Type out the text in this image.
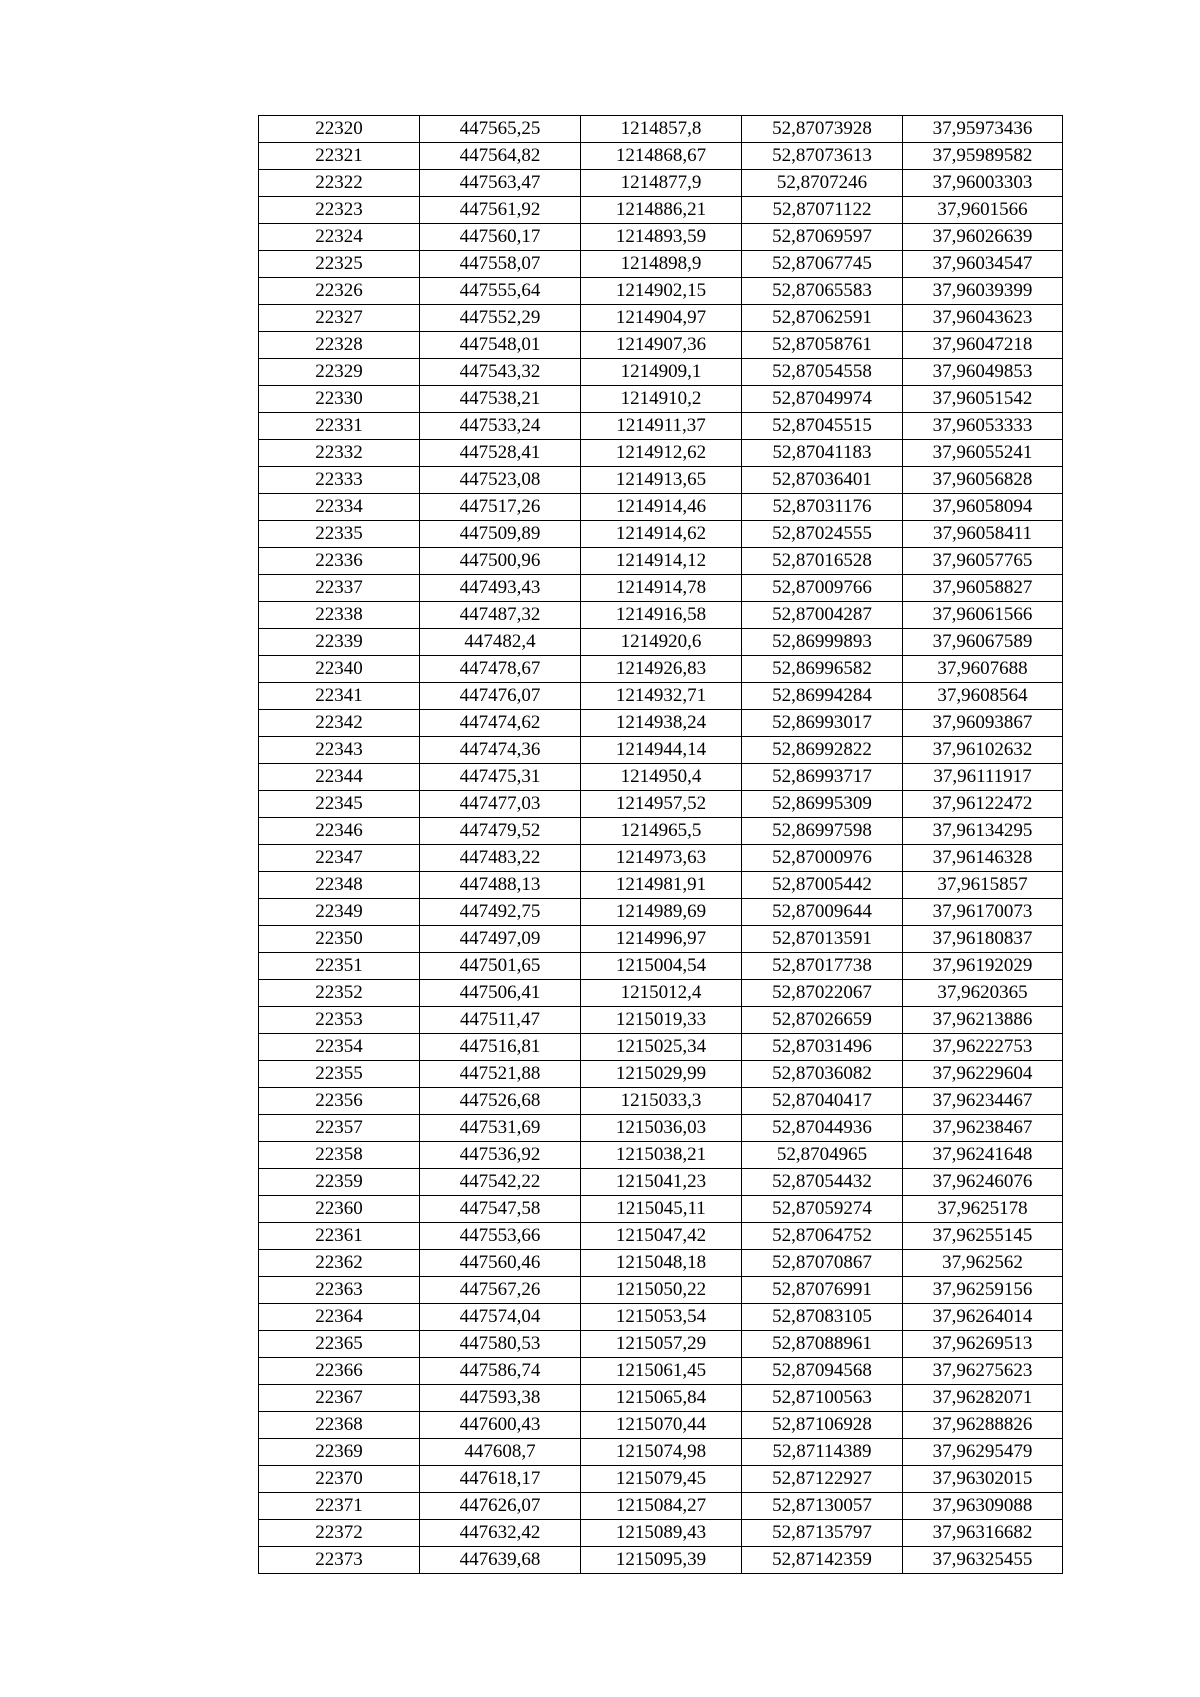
22320	447565,25	1214857,8	52,87073928	37,95973436
22321	447564,82	1214868,67	52,87073613	37,95989582
22322	447563,47	1214877,9	52,8707246	37,96003303
22323	447561,92	1214886,21	52,87071122	37,9601566
22324	447560,17	1214893,59	52,87069597	37,96026639
22325	447558,07	1214898,9	52,87067745	37,96034547
22326	447555,64	1214902,15	52,87065583	37,96039399
22327	447552,29	1214904,97	52,87062591	37,96043623
22328	447548,01	1214907,36	52,87058761	37,96047218
22329	447543,32	1214909,1	52,87054558	37,96049853
22330	447538,21	1214910,2	52,87049974	37,96051542
22331	447533,24	1214911,37	52,87045515	37,96053333
22332	447528,41	1214912,62	52,87041183	37,96055241
22333	447523,08	1214913,65	52,87036401	37,96056828
22334	447517,26	1214914,46	52,87031176	37,96058094
22335	447509,89	1214914,62	52,87024555	37,96058411
22336	447500,96	1214914,12	52,87016528	37,96057765
22337	447493,43	1214914,78	52,87009766	37,96058827
22338	447487,32	1214916,58	52,87004287	37,96061566
22339	447482,4	1214920,6	52,86999893	37,96067589
22340	447478,67	1214926,83	52,86996582	37,9607688
22341	447476,07	1214932,71	52,86994284	37,9608564
22342	447474,62	1214938,24	52,86993017	37,96093867
22343	447474,36	1214944,14	52,86992822	37,96102632
22344	447475,31	1214950,4	52,86993717	37,96111917
22345	447477,03	1214957,52	52,86995309	37,96122472
22346	447479,52	1214965,5	52,86997598	37,96134295
22347	447483,22	1214973,63	52,87000976	37,96146328
22348	447488,13	1214981,91	52,87005442	37,9615857
22349	447492,75	1214989,69	52,87009644	37,96170073
22350	447497,09	1214996,97	52,87013591	37,96180837
22351	447501,65	1215004,54	52,87017738	37,96192029
22352	447506,41	1215012,4	52,87022067	37,9620365
22353	447511,47	1215019,33	52,87026659	37,96213886
22354	447516,81	1215025,34	52,87031496	37,96222753
22355	447521,88	1215029,99	52,87036082	37,96229604
22356	447526,68	1215033,3	52,87040417	37,96234467
22357	447531,69	1215036,03	52,87044936	37,96238467
22358	447536,92	1215038,21	52,8704965	37,96241648
22359	447542,22	1215041,23	52,87054432	37,96246076
22360	447547,58	1215045,11	52,87059274	37,9625178
22361	447553,66	1215047,42	52,87064752	37,96255145
22362	447560,46	1215048,18	52,87070867	37,962562
22363	447567,26	1215050,22	52,87076991	37,96259156
22364	447574,04	1215053,54	52,87083105	37,96264014
22365	447580,53	1215057,29	52,87088961	37,96269513
22366	447586,74	1215061,45	52,87094568	37,96275623
22367	447593,38	1215065,84	52,87100563	37,96282071
22368	447600,43	1215070,44	52,87106928	37,96288826
22369	447608,7	1215074,98	52,87114389	37,96295479
22370	447618,17	1215079,45	52,87122927	37,96302015
22371	447626,07	1215084,27	52,87130057	37,96309088
22372	447632,42	1215089,43	52,87135797	37,96316682
22373	447639,68	1215095,39	52,87142359	37,96325455
